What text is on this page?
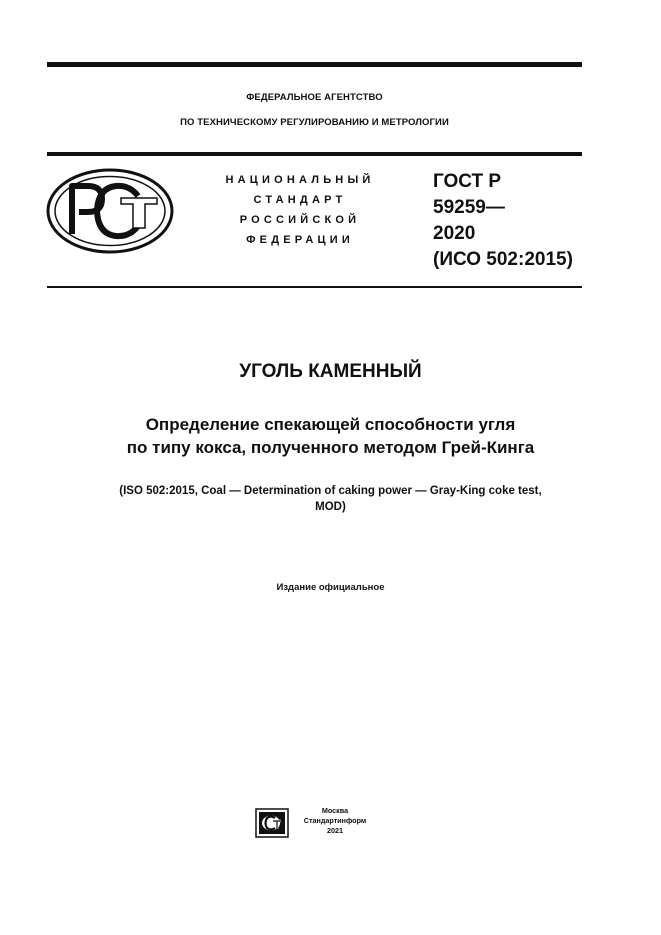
ФЕДЕРАЛЬНОЕ АГЕНТСТВО
ПО ТЕХНИЧЕСКОМУ РЕГУЛИРОВАНИЮ И МЕТРОЛОГИИ
НАЦИОНАЛЬНЫЙ
СТАНДАРТ
РОССИЙСКОЙ
ФЕДЕРАЦИИ
ГОСТ Р
59259—
2020
(ИСО 502:2015)
УГОЛЬ КАМЕННЫЙ
Определение спекающей способности угля
по типу кокса, полученного методом Грей-Кинга
(ISO 502:2015, Coal — Determination of caking power — Gray-King coke test,
MOD)
Издание официальное
Москва
Стандартинформ
2021
